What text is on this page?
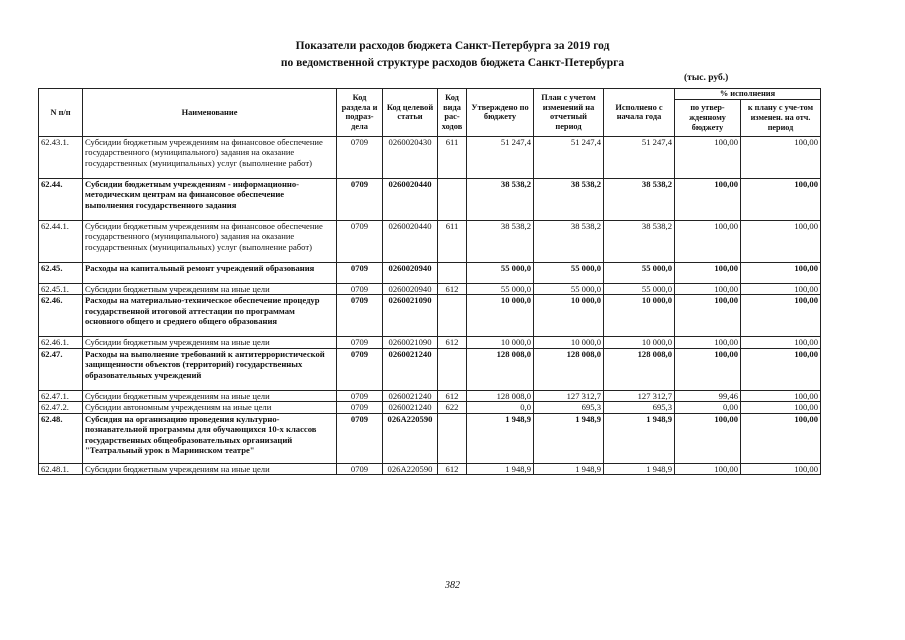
Показатели расходов бюджета Санкт-Петербурга за 2019 год
по ведомственной структуре расходов бюджета Санкт-Петербурга
(тыс. руб.)
N п/п	Наименование	Код раздела и подраз-дела	Код целевой статьи	Код вида рас-ходов	Утверждено по бюджету	План с учетом изменений на отчетный период	Исполнено с начала года	% исполнения	
								по утвер-жденному бюджету	к плану с уче-том изменен. на отч. период
62.43.1.	Субсидии бюджетным учреждениям на финансовое обеспечение государственного (муниципального) задания на оказание государственных (муниципальных) услуг (выполнение работ)	0709	0260020430	611	51 247,4	51 247,4	51 247,4	100,00	100,00
62.44.	Субсидии бюджетным учреждениям - информационно-методическим центрам на финансовое обеспечение выполнения государственного задания	0709	0260020440		38 538,2	38 538,2	38 538,2	100,00	100,00
62.44.1.	Субсидии бюджетным учреждениям на финансовое обеспечение государственного (муниципального) задания на оказание государственных (муниципальных) услуг (выполнение работ)	0709	0260020440	611	38 538,2	38 538,2	38 538,2	100,00	100,00
62.45.	Расходы на капитальный ремонт учреждений образования	0709	0260020940		55 000,0	55 000,0	55 000,0	100,00	100,00
62.45.1.	Субсидии бюджетным учреждениям на иные цели	0709	0260020940	612	55 000,0	55 000,0	55 000,0	100,00	100,00
62.46.	Расходы на материально-техническое обеспечение процедур государственной итоговой аттестации по программам основного общего и среднего общего образования	0709	0260021090		10 000,0	10 000,0	10 000,0	100,00	100,00
62.46.1.	Субсидии бюджетным учреждениям на иные цели	0709	0260021090	612	10 000,0	10 000,0	10 000,0	100,00	100,00
62.47.	Расходы на выполнение требований к антитеррористической защищенности объектов (территорий) государственных образовательных учреждений	0709	0260021240		128 008,0	128 008,0	128 008,0	100,00	100,00
62.47.1.	Субсидии бюджетным учреждениям на иные цели	0709	0260021240	612	128 008,0	127 312,7	127 312,7	99,46	100,00
62.47.2.	Субсидии автономным учреждениям на иные цели	0709	0260021240	622	0,0	695,3	695,3	0,00	100,00
62.48.	Субсидия на организацию проведения культурно-познавательной программы для обучающихся 10-х классов государственных общеобразовательных организаций "Театральный урок в Мариинском театре"	0709	026А220590		1 948,9	1 948,9	1 948,9	100,00	100,00
62.48.1.	Субсидии бюджетным учреждениям на иные цели	0709	026А220590	612	1 948,9	1 948,9	1 948,9	100,00	100,00
382
